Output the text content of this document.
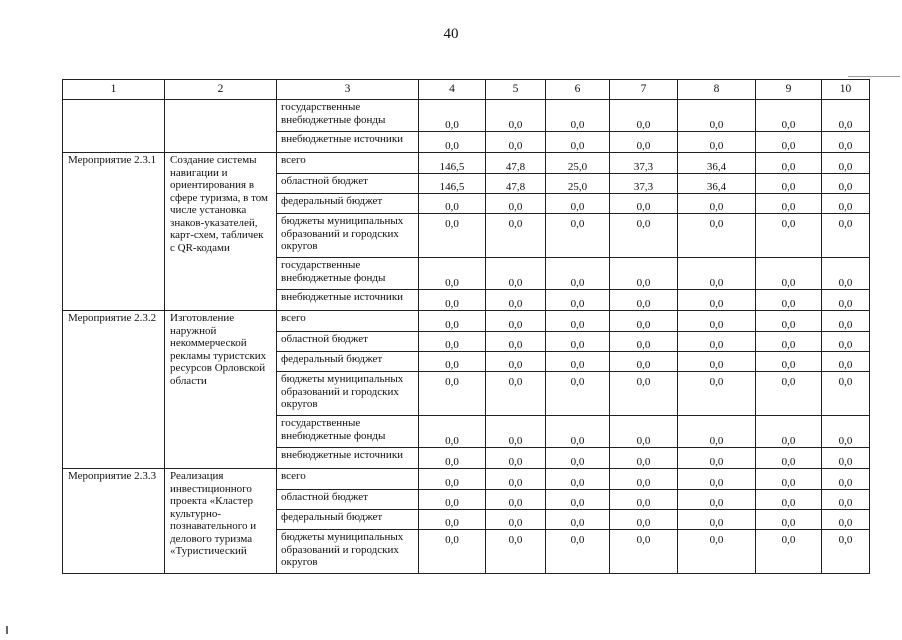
40
1	2	3	4	5	6	7	8	9	10
		государственные внебюджетные фонды	0,0	0,0	0,0	0,0	0,0	0,0	0,0
		внебюджетные источники	0,0	0,0	0,0	0,0	0,0	0,0	0,0
Мероприятие 2.3.1	Создание системы навигации и ориентирования в сфере туризма, в том числе установка знаков-указателей, карт-схем, табличек с QR-кодами	всего	146,5	47,8	25,0	37,3	36,4	0,0	0,0
		областной бюджет	146,5	47,8	25,0	37,3	36,4	0,0	0,0
		федеральный бюджет	0,0	0,0	0,0	0,0	0,0	0,0	0,0
		бюджеты муниципальных образований и городских округов	0,0	0,0	0,0	0,0	0,0	0,0	0,0
		государственные внебюджетные фонды	0,0	0,0	0,0	0,0	0,0	0,0	0,0
		внебюджетные источники	0,0	0,0	0,0	0,0	0,0	0,0	0,0
Мероприятие 2.3.2	Изготовление наружной некоммерческой рекламы туристских ресурсов Орловской области	всего	0,0	0,0	0,0	0,0	0,0	0,0	0,0
		областной бюджет	0,0	0,0	0,0	0,0	0,0	0,0	0,0
		федеральный бюджет	0,0	0,0	0,0	0,0	0,0	0,0	0,0
		бюджеты муниципальных образований и городских округов	0,0	0,0	0,0	0,0	0,0	0,0	0,0
		государственные внебюджетные фонды	0,0	0,0	0,0	0,0	0,0	0,0	0,0
		внебюджетные источники	0,0	0,0	0,0	0,0	0,0	0,0	0,0
Мероприятие 2.3.3	Реализация инвестиционного проекта «Кластер культурно-познавательного и делового туризма «Туристический	всего	0,0	0,0	0,0	0,0	0,0	0,0	0,0
		областной бюджет	0,0	0,0	0,0	0,0	0,0	0,0	0,0
		федеральный бюджет	0,0	0,0	0,0	0,0	0,0	0,0	0,0
		бюджеты муниципальных образований и городских округов	0,0	0,0	0,0	0,0	0,0	0,0	0,0
